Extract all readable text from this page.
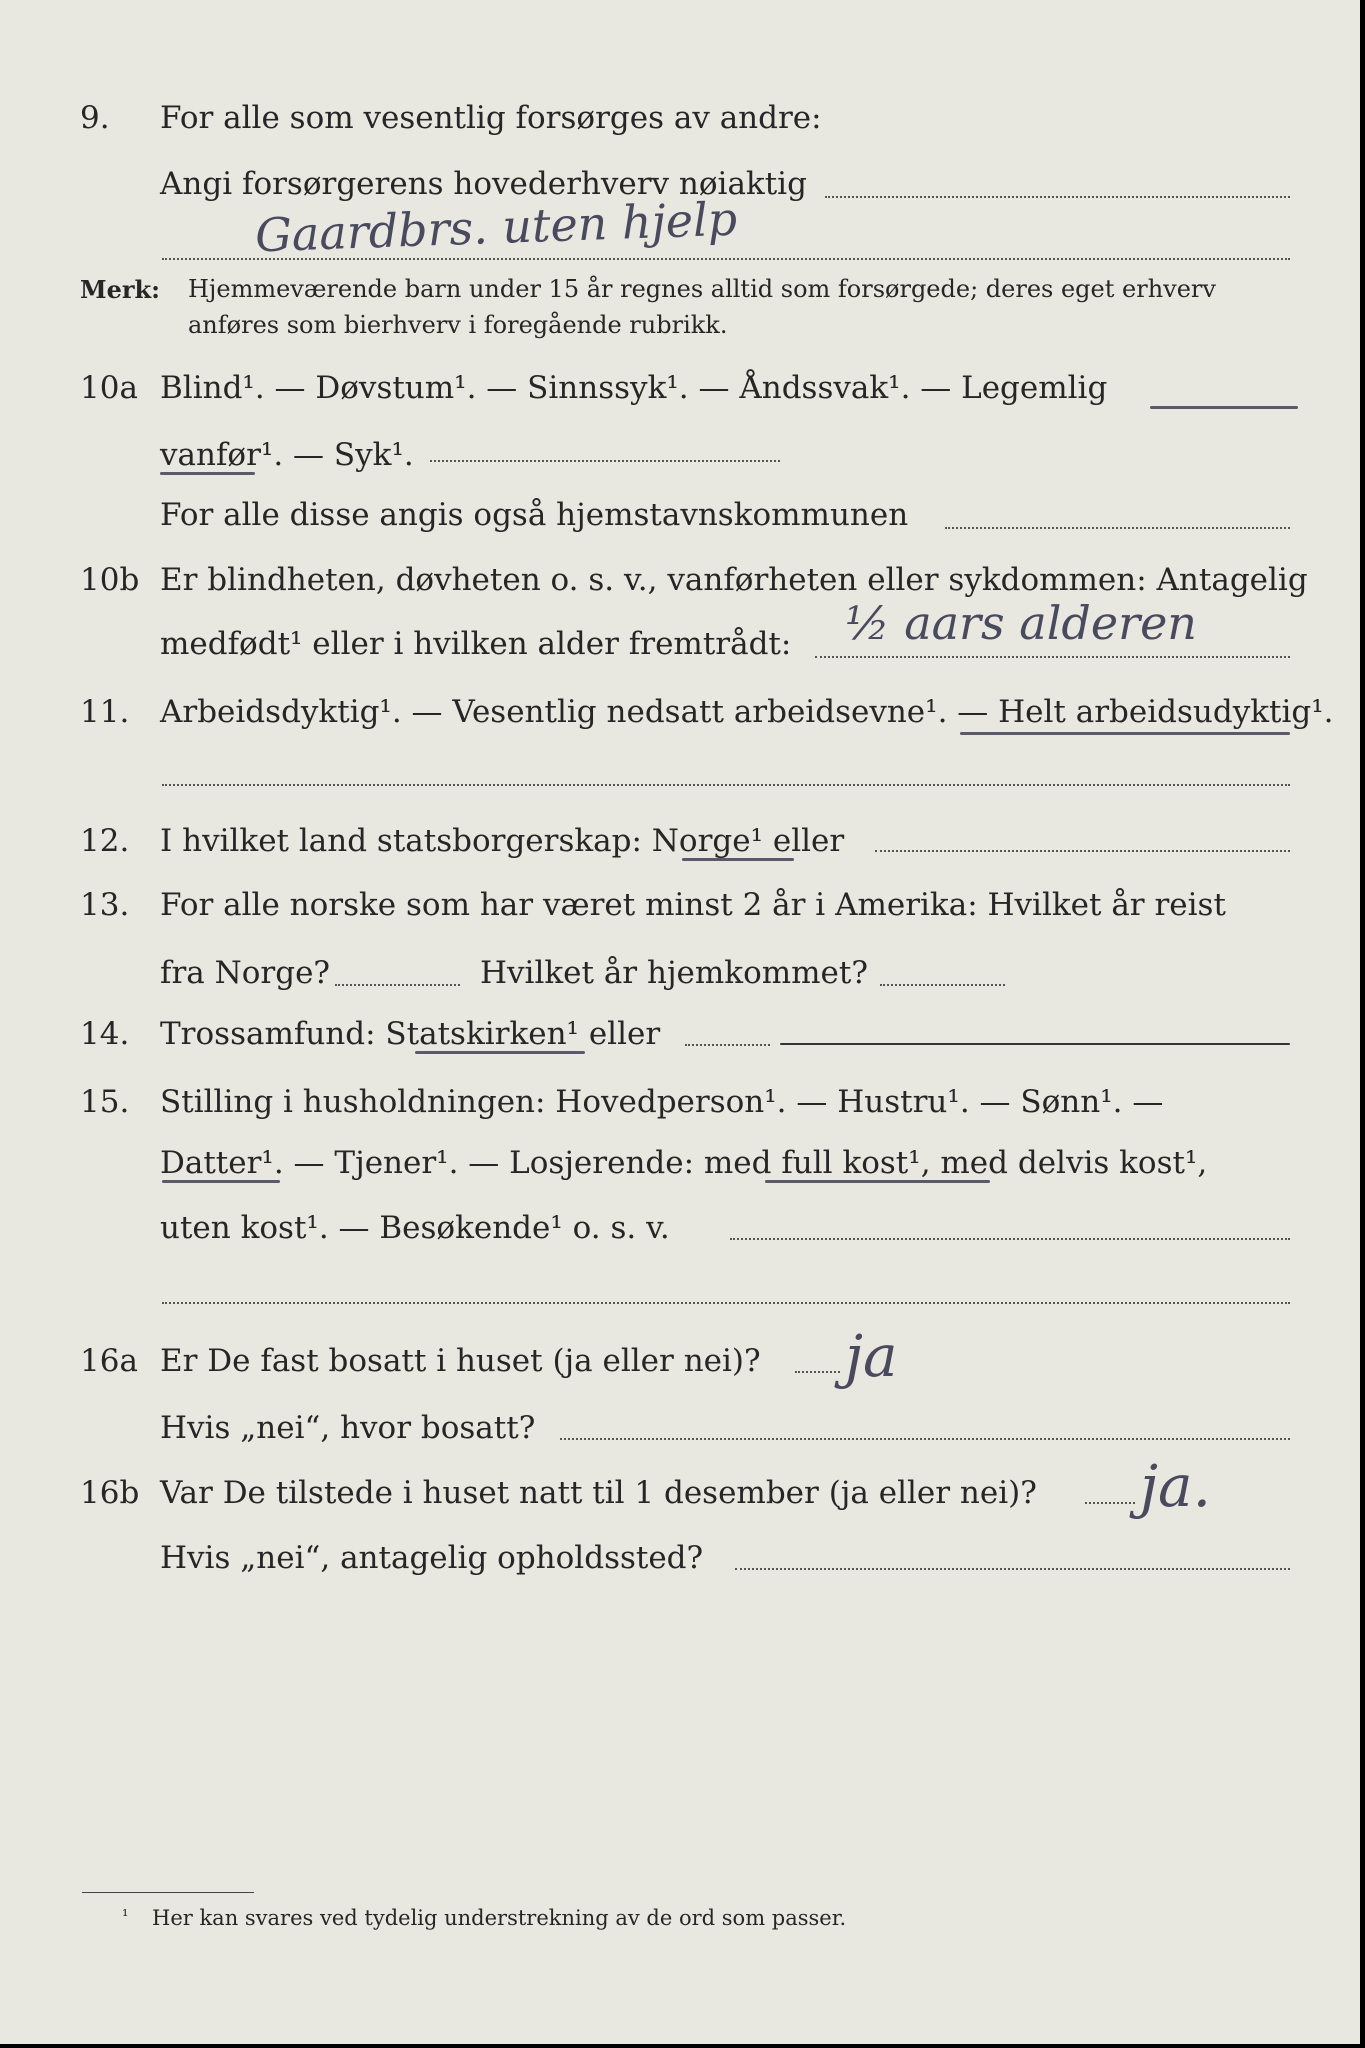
9.	For alle som vesentlig forsørges av andre:
Angi forsørgerens hovederhverv nøiaktig
Gaardbrs. uten hjelp
Merk: Hjemmeværende barn under 15 år regnes alltid som forsørgede; deres eget erhverv
anføres som bierhverv i foregående rubrikk.
10a Blind¹. — Døvstum¹. — Sinnssyk¹. — Åndssvak¹. — Legemlig
vanfør¹. — Syk¹.
For alle disse angis også hjemstavnskommunen
10b Er blindheten, døvheten o. s. v., vanførheten eller sykdommen: Antagelig
medfødt¹ eller i hvilken alder fremtrådt: ½ aars alderen
11. Arbeidsdyktig¹. — Vesentlig nedsatt arbeidsevne¹. — Helt arbeidsudyktig¹.
12. I hvilket land statsborgerskap: Norge¹ eller
13. For alle norske som har været minst 2 år i Amerika: Hvilket år reist
fra Norge?	Hvilket år hjemkommet?
14. Trossamfund: Statskirken¹ eller
15. Stilling i husholdningen: Hovedperson¹. — Hustru¹. — Sønn¹. —
Datter¹. — Tjener¹. — Losjerende: med full kost¹, med delvis kost¹,
uten kost¹. — Besøkende¹ o. s. v.
16a Er De fast bosatt i huset (ja eller nei)? ja
Hvis „nei“, hvor bosatt?
16b Var De tilstede i huset natt til 1 desember (ja eller nei)? ja.
Hvis „nei“, antagelig opholdssted?
¹ Her kan svares ved tydelig understrekning av de ord som passer.
